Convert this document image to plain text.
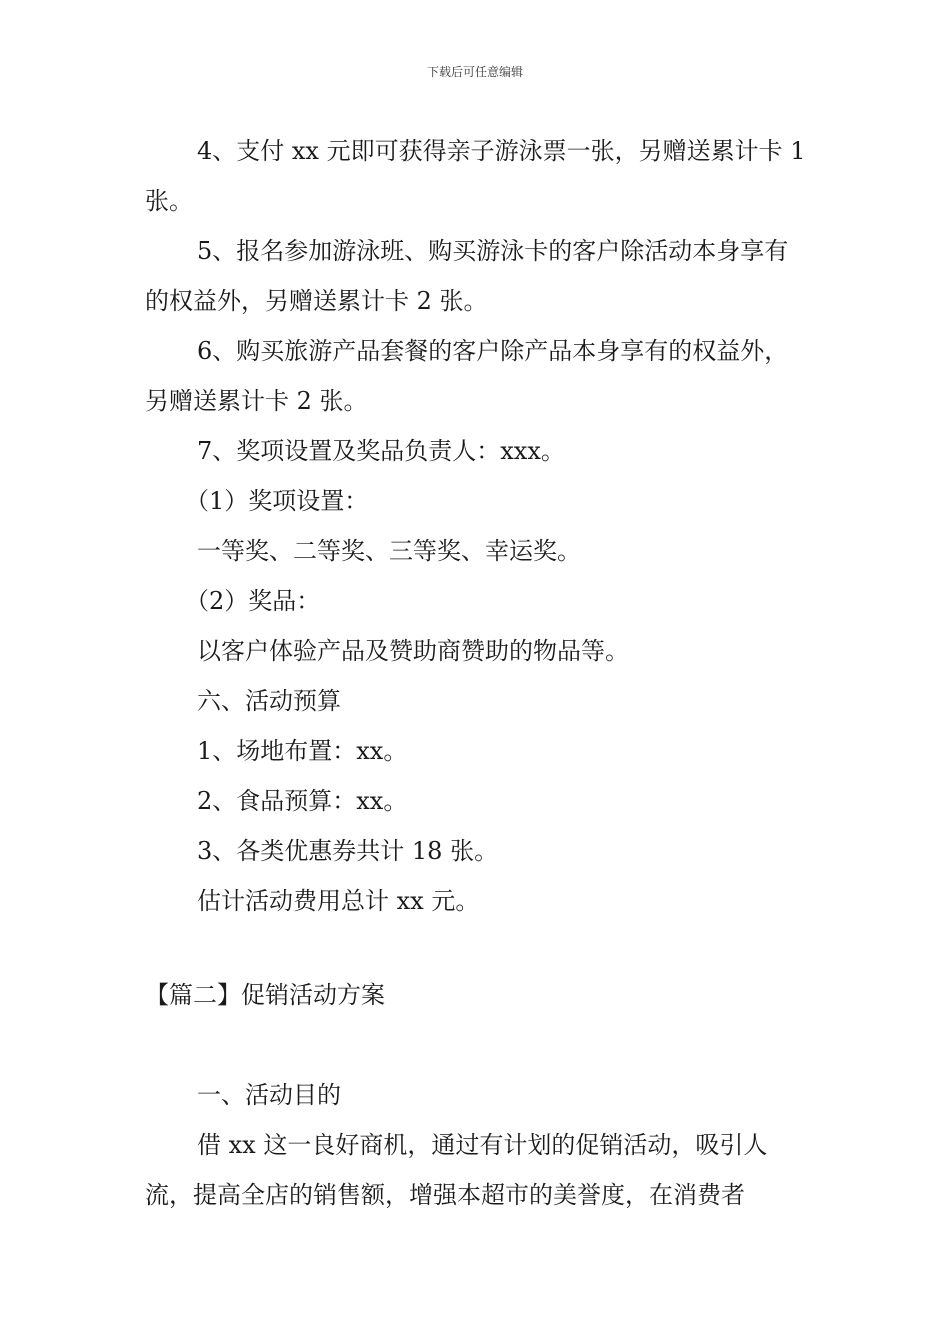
下载后可任意编辑

4、支付 xx 元即可获得亲子游泳票一张，另赠送累计卡 1 张。

5、报名参加游泳班、购买游泳卡的客户除活动本身享有的权益外，另赠送累计卡 2 张。

6、购买旅游产品套餐的客户除产品本身享有的权益外，另赠送累计卡 2 张。

7、奖项设置及奖品负责人：xxx。

（1）奖项设置：

一等奖、二等奖、三等奖、幸运奖。

（2）奖品：

以客户体验产品及赞助商赞助的物品等。

六、活动预算

1、场地布置：xx。

2、食品预算：xx。

3、各类优惠券共计 18 张。

估计活动费用总计 xx 元。

【篇二】促销活动方案

一、活动目的

借 xx 这一良好商机，通过有计划的促销活动，吸引人流，提高全店的销售额，增强本超市的美誉度，在消费者
